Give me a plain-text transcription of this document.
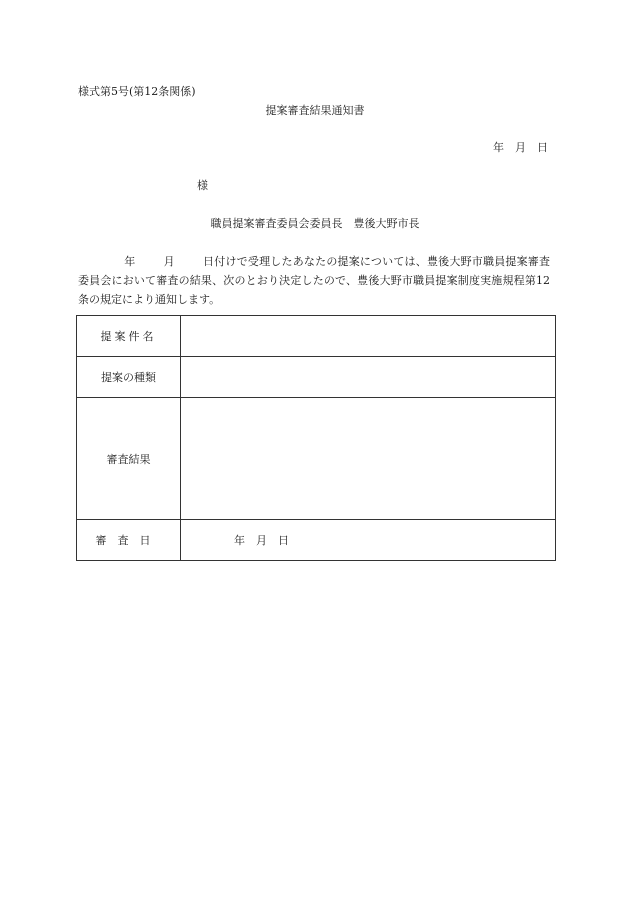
様式第5号(第12条関係)
提案審査結果通知書
年　月　日
様
職員提案審査委員会委員長　豊後大野市長
年	月	日付けで受理したあなたの提案については、豊後大野市職員提案審査委員会において審査の結果、次のとおり決定したので、豊後大野市職員提案制度実施規程第12条の規定により通知します。
提案件名	
提案の種類	
審査結果	
審査日	年　月　日
